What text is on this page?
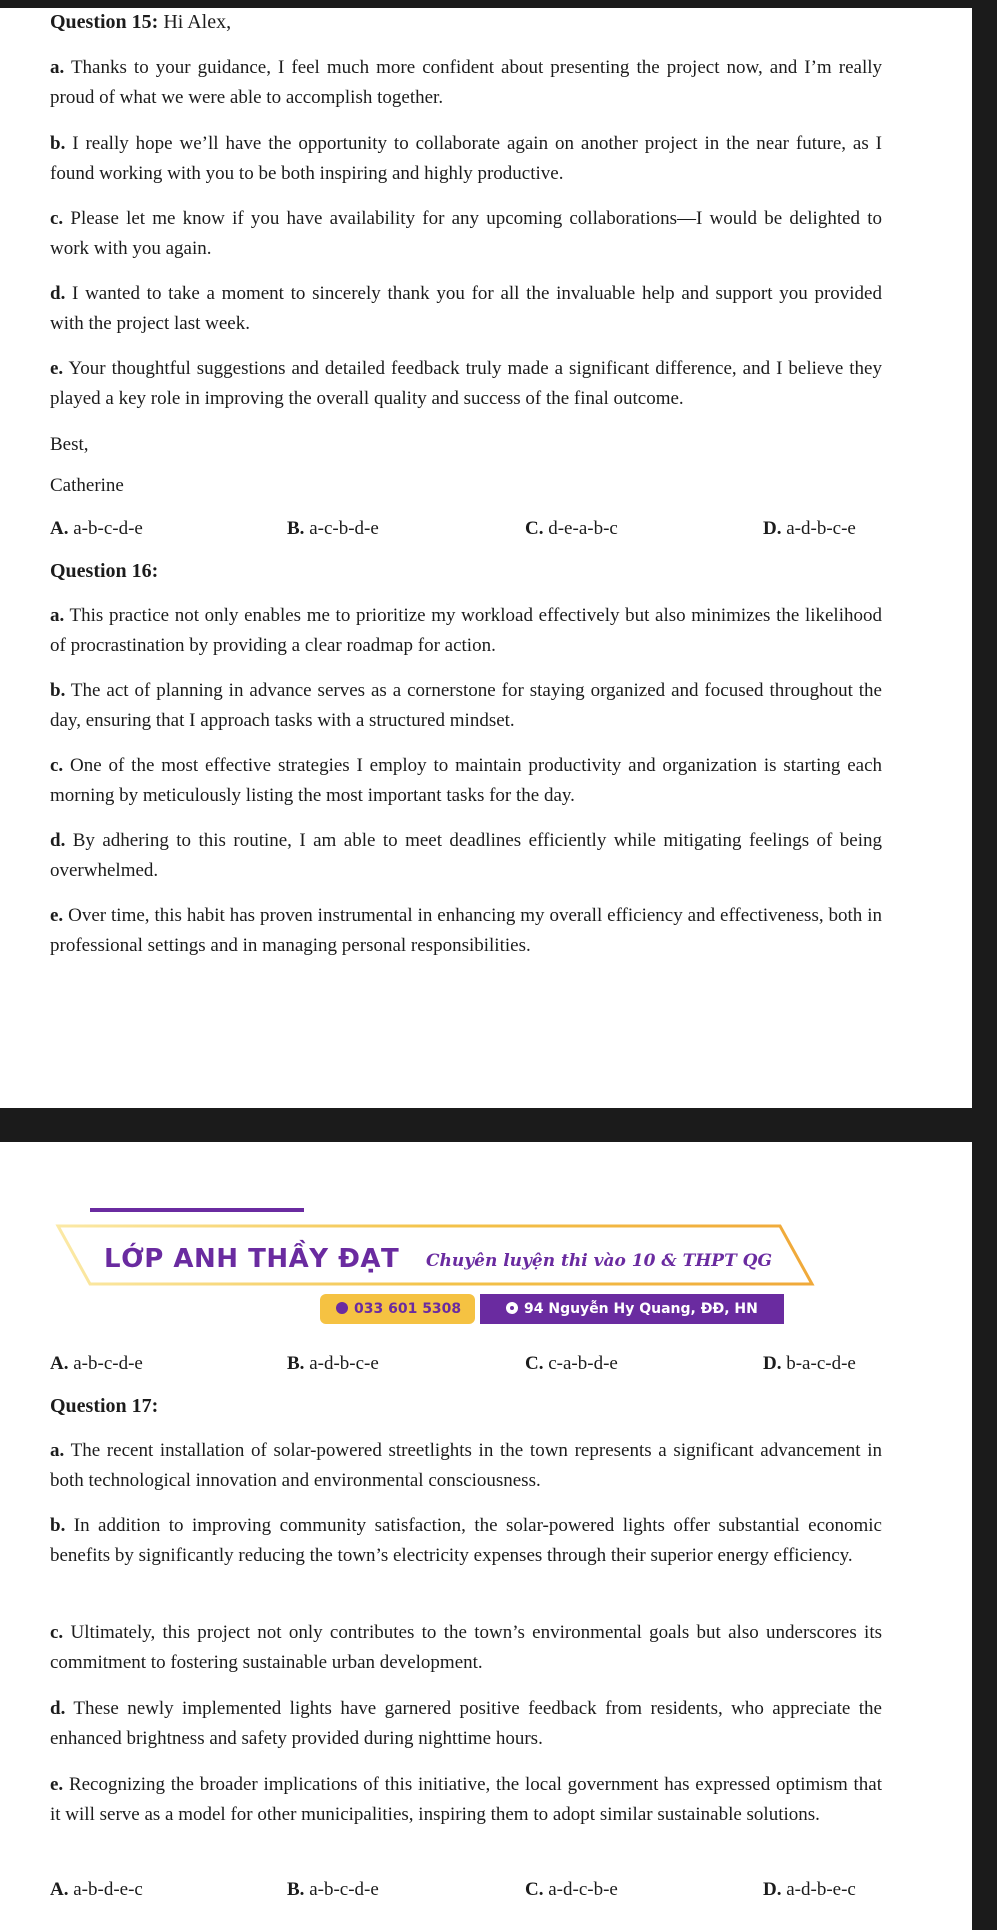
Question 15: Hi Alex,
a. Thanks to your guidance, I feel much more confident about presenting the project now, and I’m really proud of what we were able to accomplish together.
b. I really hope we’ll have the opportunity to collaborate again on another project in the near future, as I found working with you to be both inspiring and highly productive.
c. Please let me know if you have availability for any upcoming collaborations—I would be delighted to work with you again.
d. I wanted to take a moment to sincerely thank you for all the invaluable help and support you provided with the project last week.
e. Your thoughtful suggestions and detailed feedback truly made a significant difference, and I believe they played a key role in improving the overall quality and success of the final outcome.
Best,
Catherine
A. a-b-c-d-e	B. a-c-b-d-e	C. d-e-a-b-c	D. a-d-b-c-e
Question 16:
a. This practice not only enables me to prioritize my workload effectively but also minimizes the likelihood of procrastination by providing a clear roadmap for action.
b. The act of planning in advance serves as a cornerstone for staying organized and focused throughout the day, ensuring that I approach tasks with a structured mindset.
c. One of the most effective strategies I employ to maintain productivity and organization is starting each morning by meticulously listing the most important tasks for the day.
d. By adhering to this routine, I am able to meet deadlines efficiently while mitigating feelings of being overwhelmed.
e. Over time, this habit has proven instrumental in enhancing my overall efficiency and effectiveness, both in professional settings and in managing personal responsibilities.
LỚP ANH THẦY ĐẠT Chuyên luyện thi vào 10 & THPT QG
033 601 5308	94 Nguyễn Hy Quang, ĐĐ, HN
A. a-b-c-d-e	B. a-d-b-c-e	C. c-a-b-d-e	D. b-a-c-d-e
Question 17:
a. The recent installation of solar-powered streetlights in the town represents a significant advancement in both technological innovation and environmental consciousness.
b. In addition to improving community satisfaction, the solar-powered lights offer substantial economic benefits by significantly reducing the town’s electricity expenses through their superior energy efficiency.
c. Ultimately, this project not only contributes to the town’s environmental goals but also underscores its commitment to fostering sustainable urban development.
d. These newly implemented lights have garnered positive feedback from residents, who appreciate the enhanced brightness and safety provided during nighttime hours.
e. Recognizing the broader implications of this initiative, the local government has expressed optimism that it will serve as a model for other municipalities, inspiring them to adopt similar sustainable solutions.
A. a-b-d-e-c	B. a-b-c-d-e	C. a-d-c-b-e	D. a-d-b-e-c
